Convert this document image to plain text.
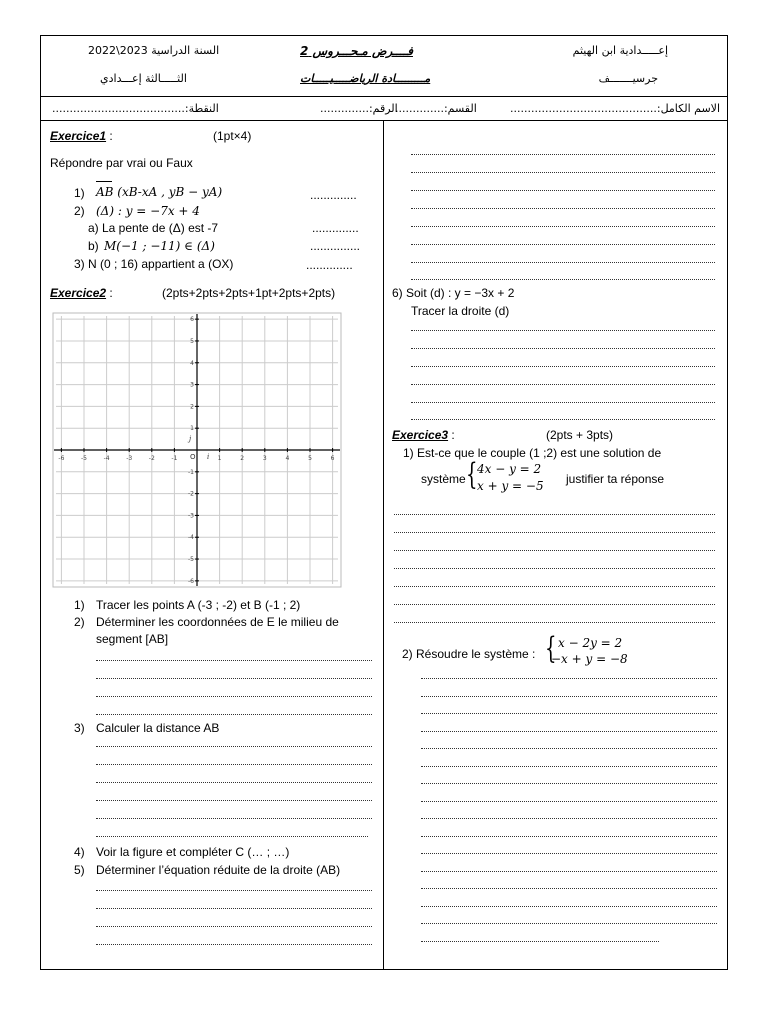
إعـــــدادية ابن الهيثم
فــــرض مـحـــروس 2
السنة الدراسية 2023\2022
جرسيـــــــف
مـــــــــادة الرياضـــــيـــــات
الثـــــالثة إعـــدادي
الاسم الكامل:..........................................
القسم:..............
الرقم:..............
النقطة:......................................
Exercice1 :	(1pt×4)
Répondre par vrai ou Faux
1) AB (xB-xA , yB − yA)	..............
2) (Δ) : y = −7x + 4
a) La pente de (Δ) est -7	..............
b) M(−1 ; −11) ∈ (Δ)	...............
3) N (0 ; 16) appartient a (OX)	..............
Exercice2 :	(2pts+2pts+2pts+1pt+2pts+2pts)
-6	-5	-4	-3	-2	-1	1	2	3	4	5	6
6
5
4
3
2
1
-1
-2
-3
-4
-5
-6
O i
j
1) Tracer les points A (-3 ; -2) et B (-1 ; 2)
2) Déterminer les coordonnées de E le milieu de
segment [AB]
3) Calculer la distance AB
4) Voir la figure et compléter C (… ; …)
5) Déterminer l’équation réduite de la droite (AB)
6) Soit (d) : y = −3x + 2
Tracer la droite (d)
Exercice3 :	(2pts + 3pts)
1) Est-ce que le couple (1 ;2) est une solution de
système { 4x − y = 2
x + y = −5 justifier ta réponse
2) Résoudre le système : { x − 2y = 2
−x + y = −8
